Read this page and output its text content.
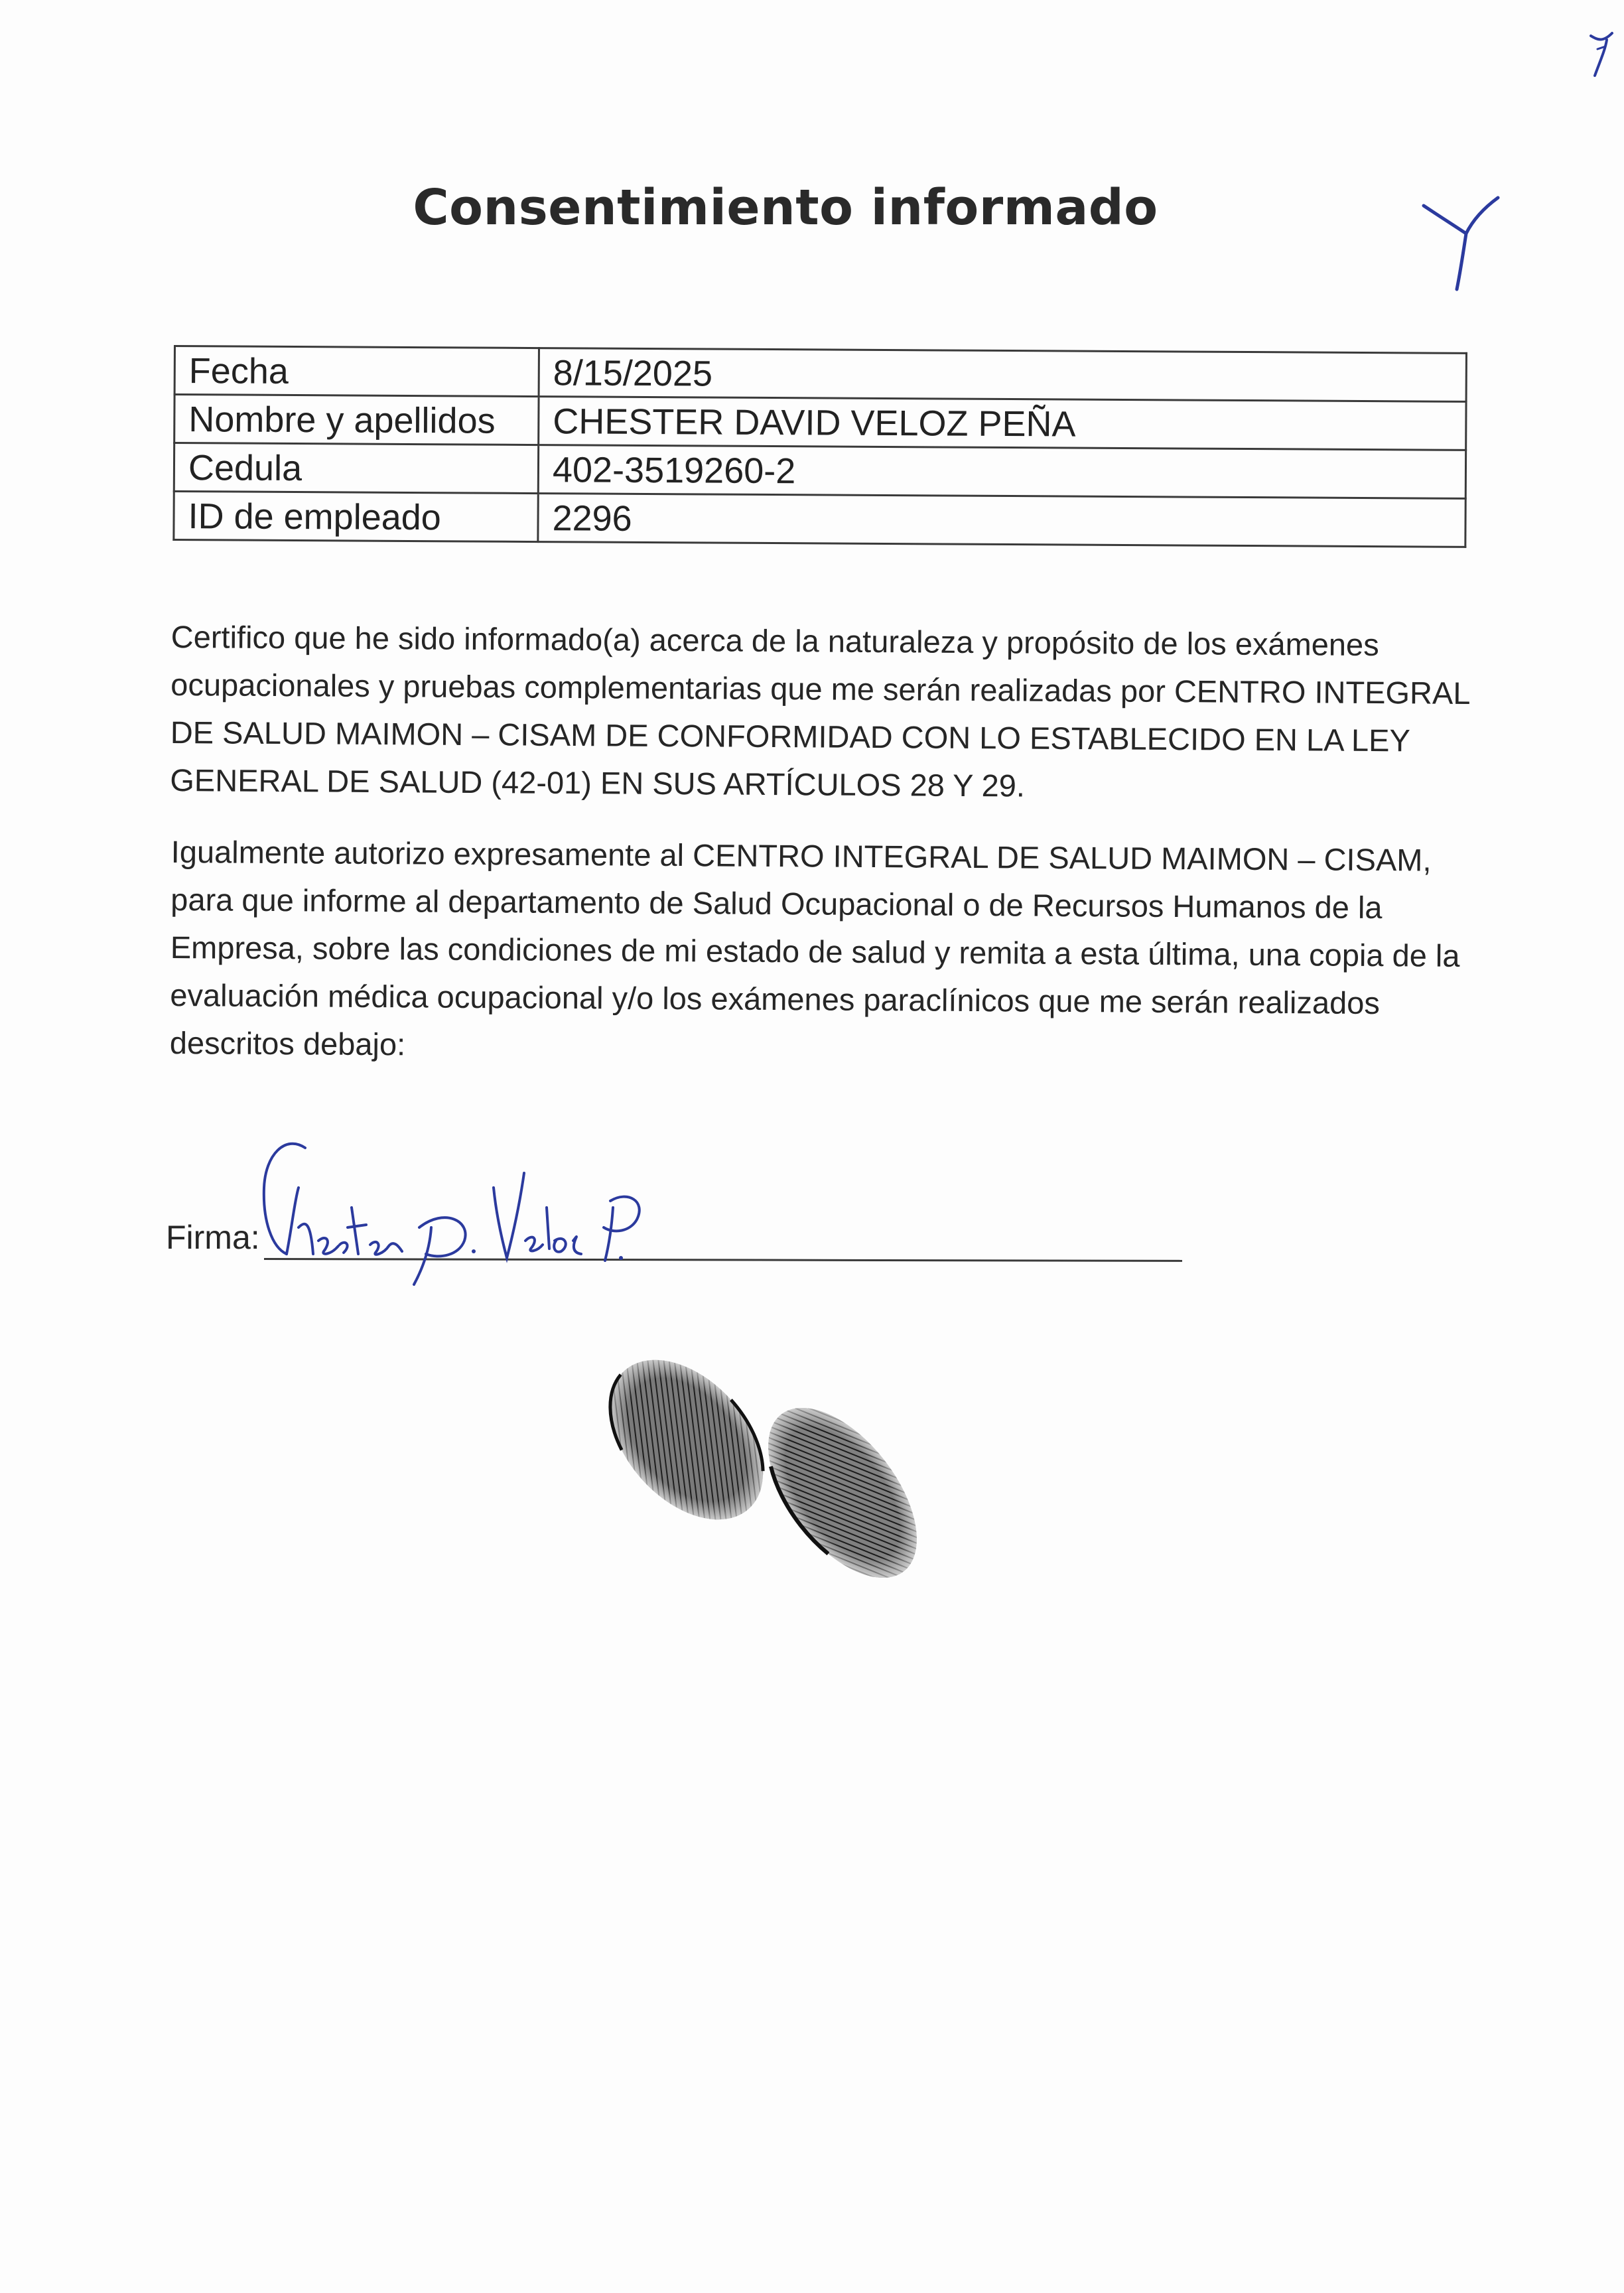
Consentimiento informado
Fecha	8/15/2025
Nombre y apellidos	CHESTER DAVID VELOZ PEÑA
Cedula	402-3519260-2
ID de empleado	2296

Certifico que he sido informado(a) acerca de la naturaleza y propósito de los exámenes ocupacionales y pruebas complementarias que me serán realizadas por CENTRO INTEGRAL DE SALUD MAIMON – CISAM DE CONFORMIDAD CON LO ESTABLECIDO EN LA LEY GENERAL DE SALUD (42-01) EN SUS ARTÍCULOS 28 Y 29.

Igualmente autorizo expresamente al CENTRO INTEGRAL DE SALUD MAIMON – CISAM, para que informe al departamento de Salud Ocupacional o de Recursos Humanos de la Empresa, sobre las condiciones de mi estado de salud y remita a esta última, una copia de la evaluación médica ocupacional y/o los exámenes paraclínicos que me serán realizados descritos debajo:

Firma:
